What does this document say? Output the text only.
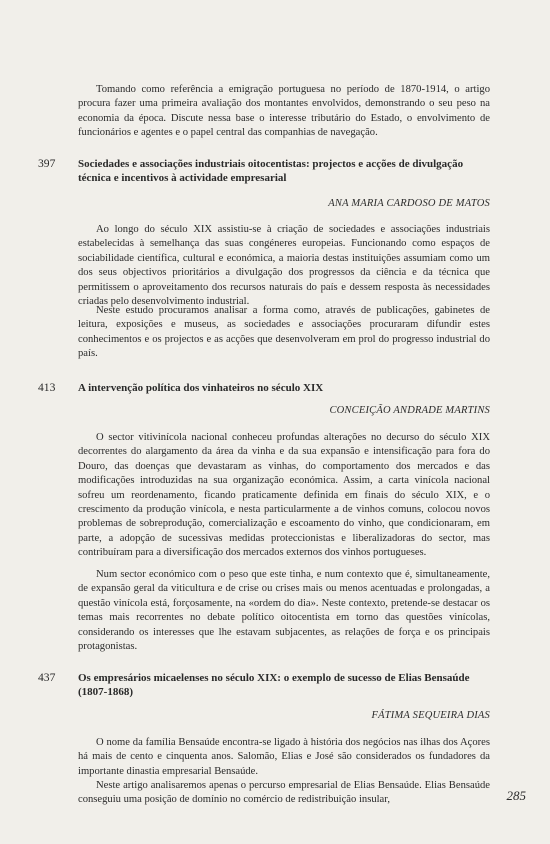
Tomando como referência a emigração portuguesa no período de 1870-1914, o artigo procura fazer uma primeira avaliação dos montantes envolvidos, demonstrando o seu peso na economia da época. Discute nessa base o interesse tributário do Estado, o envolvimento de funcionários e agentes e o papel central das companhias de navegação.

397 Sociedades e associações industriais oitocentistas: projectos e acções de divulgação técnica e incentivos à actividade empresarial

ANA MARIA CARDOSO DE MATOS

Ao longo do século XIX assistiu-se à criação de sociedades e associações industriais estabelecidas à semelhança das suas congéneres europeias. Funcionando como espaços de sociabilidade científica, cultural e económica, a maioria destas instituições assumiam como um dos seus objectivos prioritários a divulgação dos progressos da ciência e da técnica que permitissem o aproveitamento dos recursos naturais do país e dessem resposta às necessidades criadas pelo desenvolvimento industrial.

Neste estudo procuramos analisar a forma como, através de publicações, gabinetes de leitura, exposições e museus, as sociedades e associações procuraram difundir estes conhecimentos e os projectos e as acções que desenvolveram em prol do progresso industrial do país.

413 A intervenção política dos vinhateiros no século XIX

CONCEIÇÃO ANDRADE MARTINS

O sector vitivinícola nacional conheceu profundas alterações no decurso do século XIX decorrentes do alargamento da área da vinha e da sua expansão e intensificação para fora do Douro, das doenças que devastaram as vinhas, do comportamento dos mercados e das modificações introduzidas na sua organização económica. Assim, a carta vinícola nacional sofreu um reordenamento, ficando praticamente definida em finais do século XIX, e o crescimento da produção vinícola, e nesta particularmente a de vinhos comuns, colocou novos problemas de sobreprodução, comercialização e escoamento do vinho, que condicionaram, em parte, a adopção de sucessivas medidas proteccionistas e liberalizadoras do sector, mas contribuíram para a diversificação dos mercados externos dos vinhos portugueses.

Num sector económico com o peso que este tinha, e num contexto que é, simultaneamente, de expansão geral da viticultura e de crise ou crises mais ou menos acentuadas e prolongadas, a questão vinícola está, forçosamente, na «ordem do dia». Neste contexto, pretende-se destacar os temas mais recorrentes no debate político oitocentista em torno das questões vinícolas, considerando os interesses que lhe estavam subjacentes, as relações de força e os principais protagonistas.

437 Os empresários micaelenses no século XIX: o exemplo de sucesso de Elias Bensaúde (1807-1868)

FÁTIMA SEQUEIRA DIAS

O nome da família Bensaúde encontra-se ligado à história dos negócios nas ilhas dos Açores há mais de cento e cinquenta anos. Salomão, Elias e José são considerados os fundadores da importante dinastia empresarial Bensaúde.

Neste artigo analisaremos apenas o percurso empresarial de Elias Bensaúde. Elias Bensaúde conseguiu uma posição de domínio no comércio de redistribuição insular,	285
